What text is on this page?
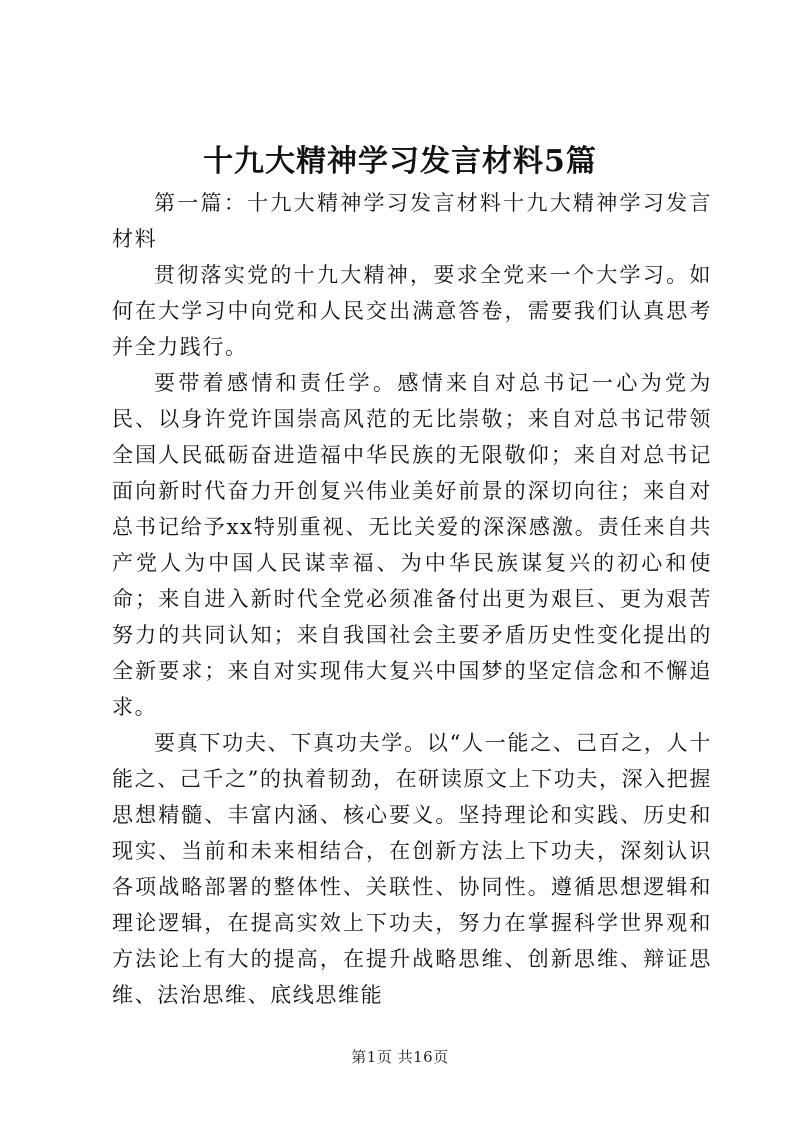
十九大精神学习发言材料5篇

第一篇：十九大精神学习发言材料十九大精神学习发言材料

贯彻落实党的十九大精神，要求全党来一个大学习。如何在大学习中向党和人民交出满意答卷，需要我们认真思考并全力践行。

要带着感情和责任学。感情来自对总书记一心为党为民、以身许党许国崇高风范的无比崇敬；来自对总书记带领全国人民砥砺奋进造福中华民族的无限敬仰；来自对总书记面向新时代奋力开创复兴伟业美好前景的深切向往；来自对总书记给予xx特别重视、无比关爱的深深感激。责任来自共产党人为中国人民谋幸福、为中华民族谋复兴的初心和使命；来自进入新时代全党必须准备付出更为艰巨、更为艰苦努力的共同认知；来自我国社会主要矛盾历史性变化提出的全新要求；来自对实现伟大复兴中国梦的坚定信念和不懈追求。

要真下功夫、下真功夫学。以“人一能之、己百之，人十能之、己千之”的执着韧劲，在研读原文上下功夫，深入把握思想精髓、丰富内涵、核心要义。坚持理论和实践、历史和现实、当前和未来相结合，在创新方法上下功夫，深刻认识各项战略部署的整体性、关联性、协同性。遵循思想逻辑和理论逻辑，在提高实效上下功夫，努力在掌握科学世界观和方法论上有大的提高，在提升战略思维、创新思维、辩证思维、法治思维、底线思维能

第1页 共16页
